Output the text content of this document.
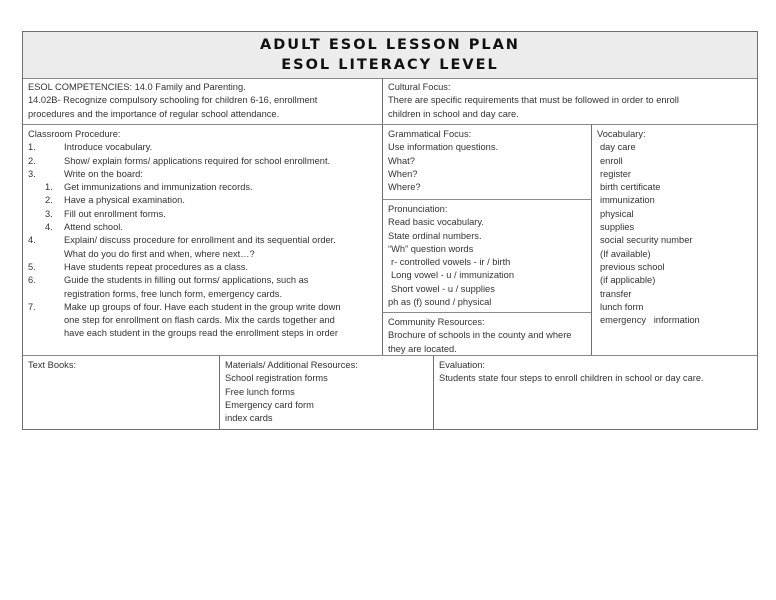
ADULT ESOL LESSON PLAN
ESOL LITERACY LEVEL
ESOL COMPETENCIES: 14.0 Family and Parenting.
14.02B- Recognize compulsory schooling for children 6-16, enrollment
procedures and the importance of regular school attendance.
Cultural Focus:
There are specific requirements that must be followed in order to enroll
children in school and day care.
Classroom Procedure:
1.	Introduce vocabulary.
2.	Show/ explain forms/ applications required for school enrollment.
3.	Write on the board:
1.	Get immunizations and immunization records.
2.	Have a physical examination.
3.	Fill out enrollment forms.
4.	Attend school.
4.	Explain/ discuss procedure for enrollment and its sequential order.
What do you do first and when, where next…?
5.	Have students repeat procedures as a class.
6.	Guide the students in filling out forms/ applications, such as
registration forms, free lunch form, emergency cards.
7.	Make up groups of four. Have each student in the group write down
one step for enrollment on flash cards. Mix the cards together and
have each student in the groups read the enrollment steps in order
Grammatical Focus:
Use information questions.
What?
When?
Where?
Pronunciation:
Read basic vocabulary.
State ordinal numbers.
“Wh” question words
r- controlled vowels - ir / birth
Long vowel - u / immunization
Short vowel - u / supplies
ph as (f) sound / physical
Community Resources:
Brochure of schools in the county and where
they are located.
Vocabulary:
day care
enroll
register
birth certificate
immunization
physical
supplies
social security number
(If available)
previous school
(if applicable)
transfer
lunch form
emergency   information
Text Books:	Materials/ Additional Resources:
School registration forms
Free lunch forms
Emergency card form
index cards
Evaluation:
Students state four steps to enroll children in school or day care.
